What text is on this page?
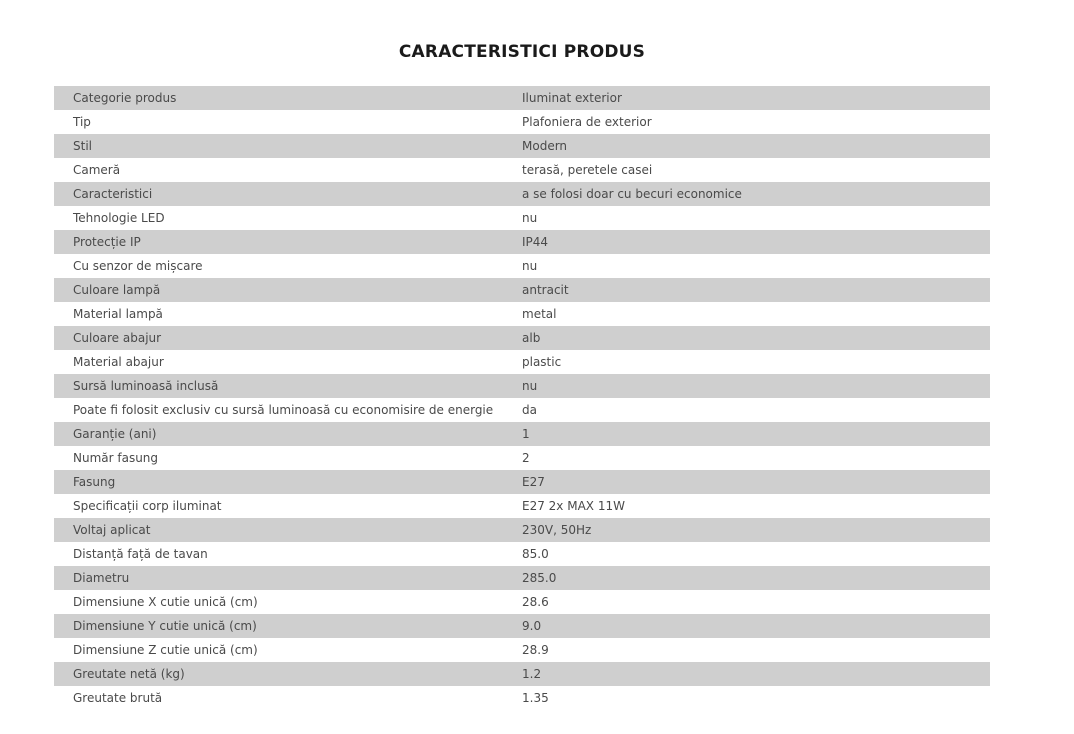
CARACTERISTICI PRODUS
Categorie produs	Iluminat exterior
Tip	Plafoniera de exterior
Stil	Modern
Cameră	terasă, peretele casei
Caracteristici	a se folosi doar cu becuri economice
Tehnologie LED	nu
Protecție IP	IP44
Cu senzor de mișcare	nu
Culoare lampă	antracit
Material lampă	metal
Culoare abajur	alb
Material abajur	plastic
Sursă luminoasă inclusă	nu
Poate fi folosit exclusiv cu sursă luminoasă cu economisire de energie	da
Garanție (ani)	1
Număr fasung	2
Fasung	E27
Specificații corp iluminat	E27 2x MAX 11W
Voltaj aplicat	230V, 50Hz
Distanță față de tavan	85.0
Diametru	285.0
Dimensiune X cutie unică (cm)	28.6
Dimensiune Y cutie unică (cm)	9.0
Dimensiune Z cutie unică (cm)	28.9
Greutate netă (kg)	1.2
Greutate brută	1.35
